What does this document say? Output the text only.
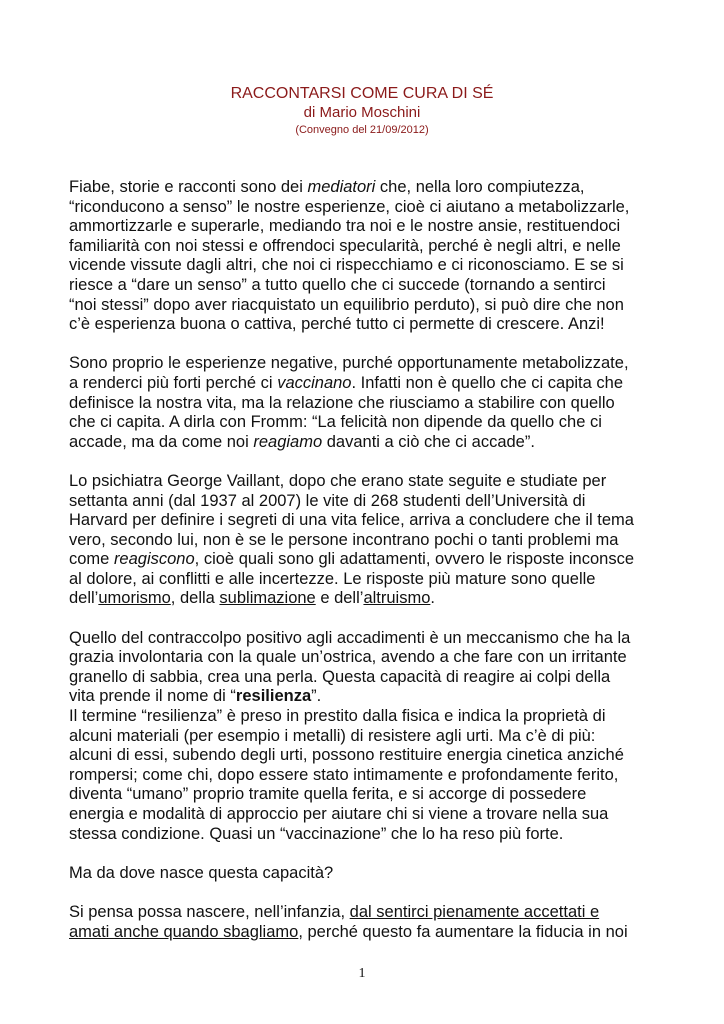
RACCONTARSI COME CURA DI SÉ
di Mario Moschini
(Convegno del 21/09/2012)

Fiabe, storie e racconti sono dei mediatori che, nella loro compiutezza,
“riconducono a senso” le nostre esperienze, cioè ci aiutano a metabolizzarle,
ammortizzarle e superarle, mediando tra noi e le nostre ansie, restituendoci
familiarità con noi stessi e offrendoci specularità, perché è negli altri, e nelle
vicende vissute dagli altri, che noi ci rispecchiamo e ci riconosciamo. E se si
riesce a “dare un senso” a tutto quello che ci succede (tornando a sentirci
“noi stessi” dopo aver riacquistato un equilibrio perduto), si può dire che non
c’è esperienza buona o cattiva, perché tutto ci permette di crescere. Anzi!

Sono proprio le esperienze negative, purché opportunamente metabolizzate,
a renderci più forti perché ci vaccinano. Infatti non è quello che ci capita che
definisce la nostra vita, ma la relazione che riusciamo a stabilire con quello
che ci capita. A dirla con Fromm: “La felicità non dipende da quello che ci
accade, ma da come noi reagiamo davanti a ciò che ci accade”.

Lo psichiatra George Vaillant, dopo che erano state seguite e studiate per
settanta anni (dal 1937 al 2007) le vite di 268 studenti dell’Università di
Harvard per definire i segreti di una vita felice, arriva a concludere che il tema
vero, secondo lui, non è se le persone incontrano pochi o tanti problemi ma
come reagiscono, cioè quali sono gli adattamenti, ovvero le risposte inconsce
al dolore, ai conflitti e alle incertezze. Le risposte più mature sono quelle
dell’umorismo, della sublimazione e dell’altruismo.

Quello del contraccolpo positivo agli accadimenti è un meccanismo che ha la
grazia involontaria con la quale un’ostrica, avendo a che fare con un irritante
granello di sabbia, crea una perla. Questa capacità di reagire ai colpi della
vita prende il nome di “resilienza”.

Il termine “resilienza” è preso in prestito dalla fisica e indica la proprietà di
alcuni materiali (per esempio i metalli) di resistere agli urti. Ma c’è di più:
alcuni di essi, subendo degli urti, possono restituire energia cinetica anziché
rompersi; come chi, dopo essere stato intimamente e profondamente ferito,
diventa “umano” proprio tramite quella ferita, e si accorge di possedere
energia e modalità di approccio per aiutare chi si viene a trovare nella sua
stessa condizione. Quasi un “vaccinazione” che lo ha reso più forte.

Ma da dove nasce questa capacità?

Si pensa possa nascere, nell’infanzia, dal sentirci pienamente accettati e
amati anche quando sbagliamo, perché questo fa aumentare la fiducia in noi

1
